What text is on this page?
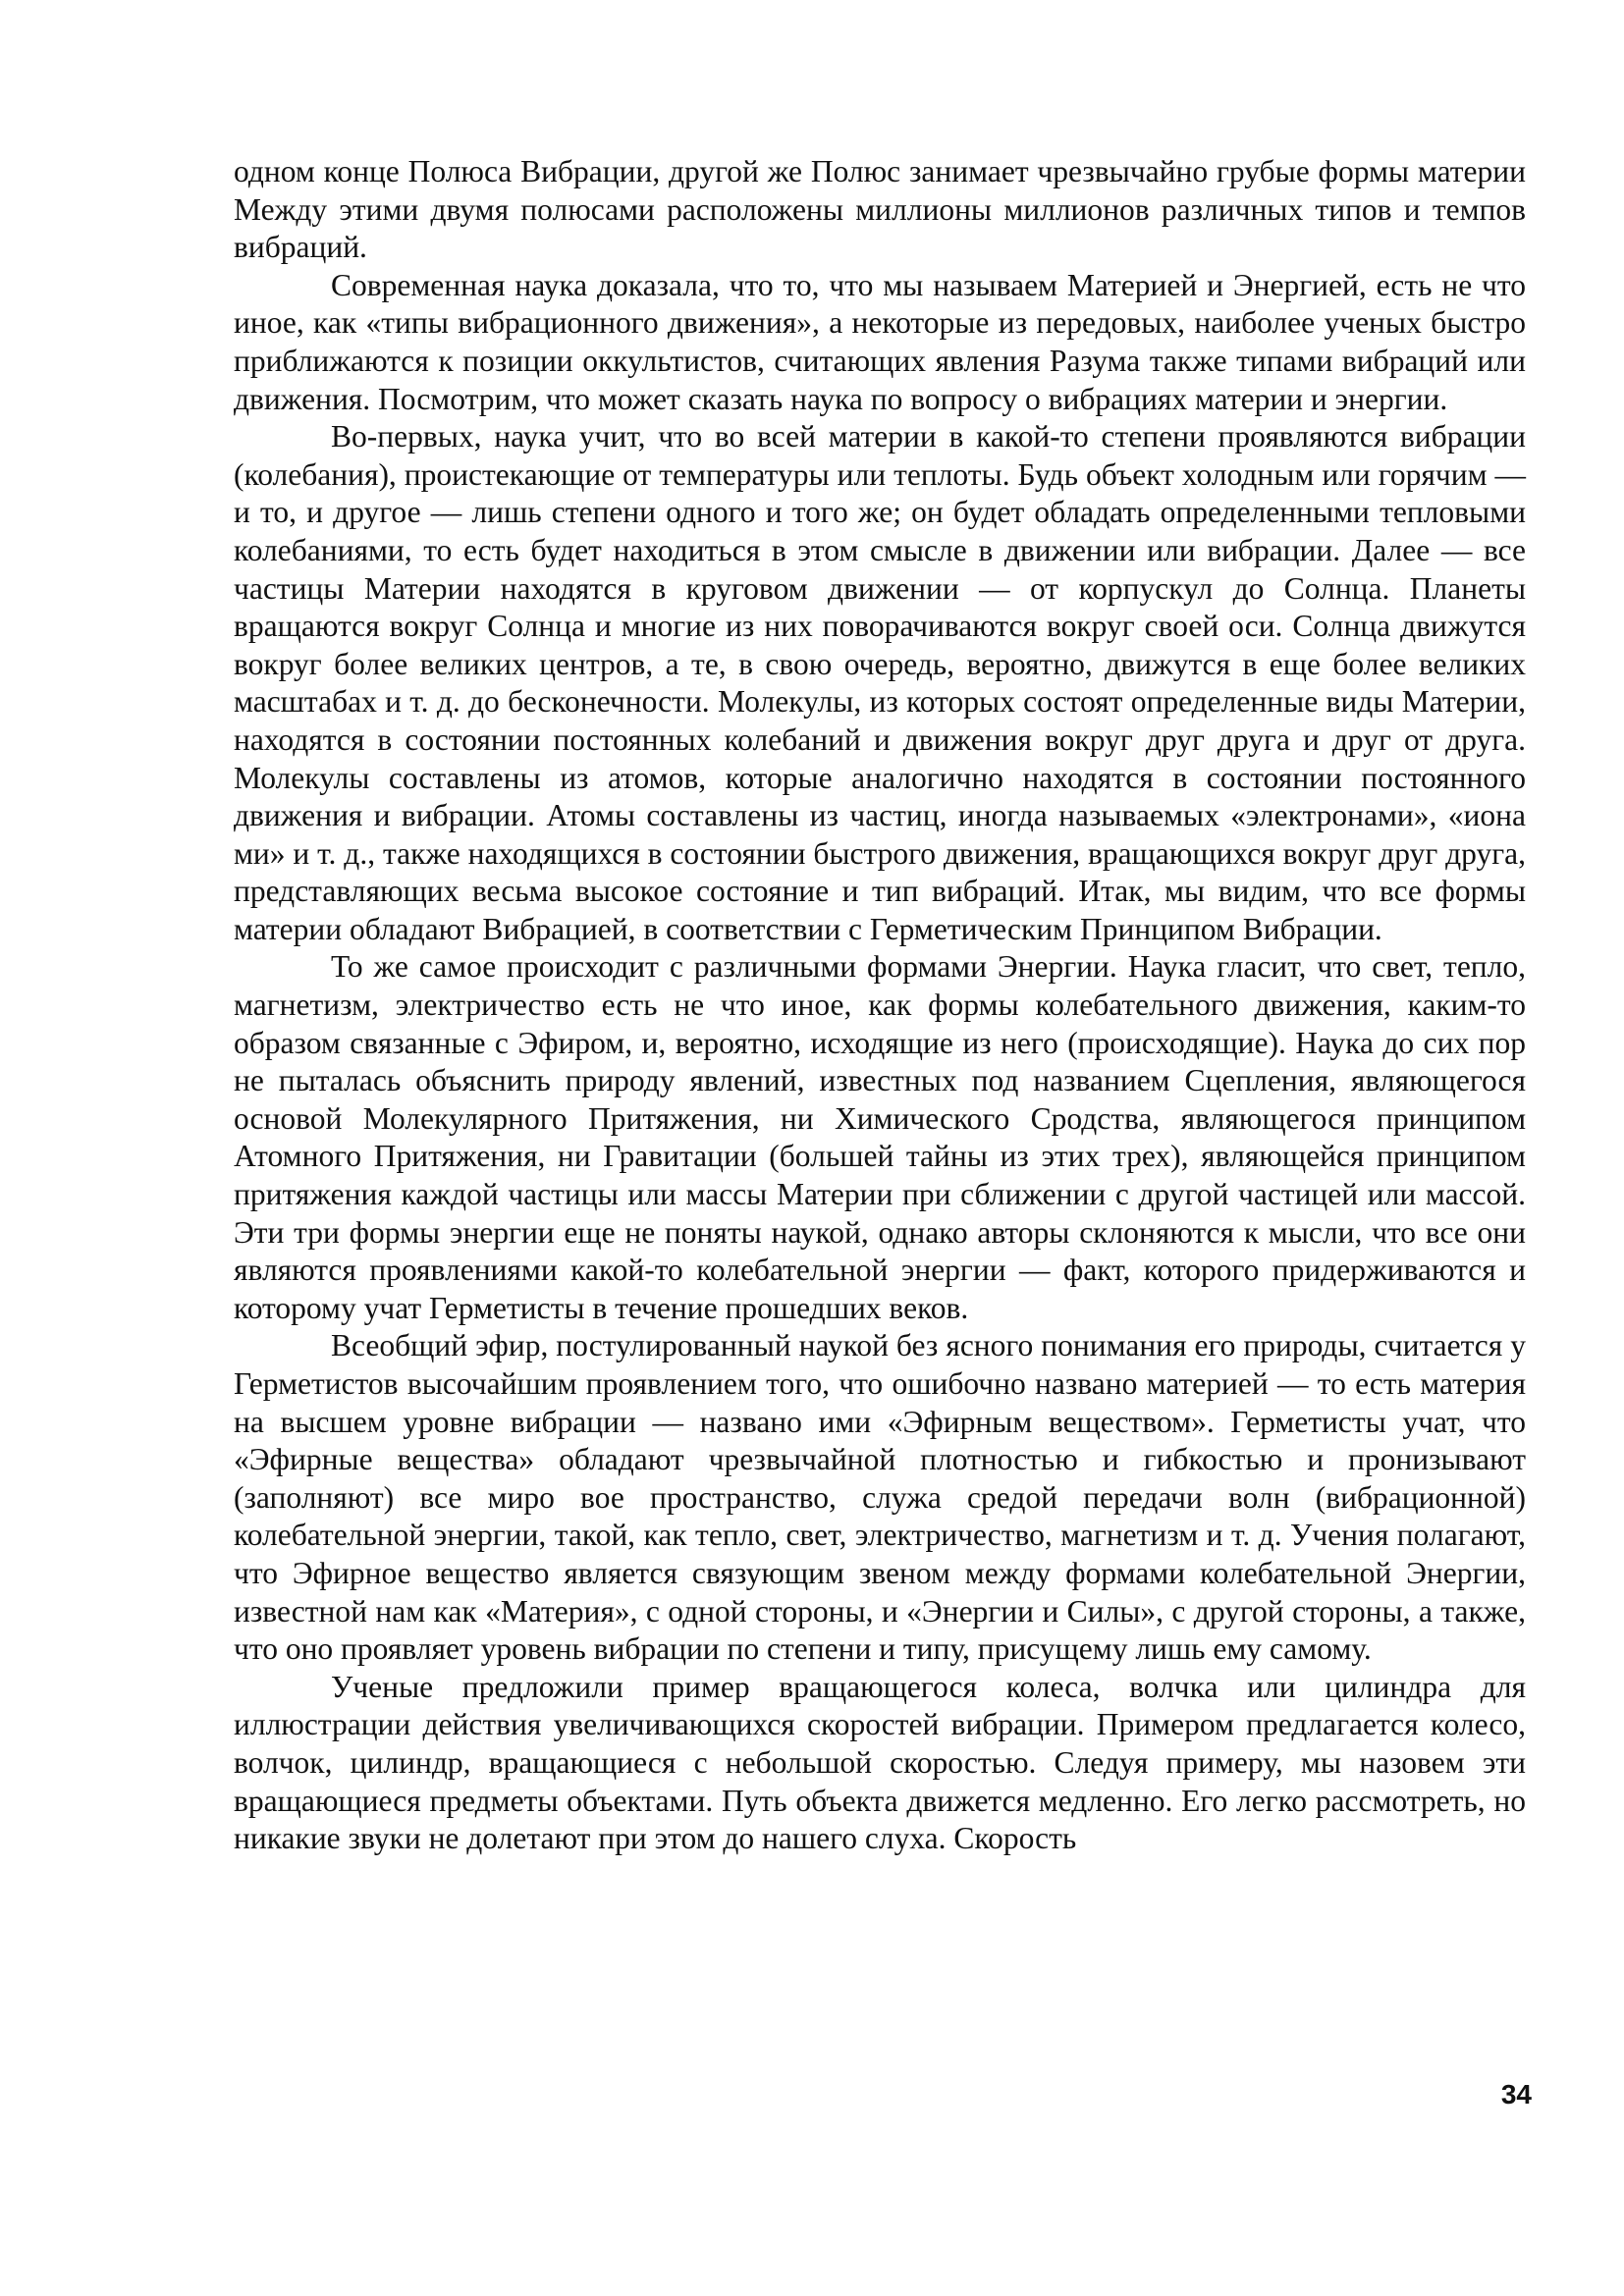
одном конце Полюса Вибрации, другой же Полюс занимает чрезвычайно грубые формы материи Между этими двумя полюсами расположены миллионы миллионов различных типов и темпов вибраций.

Современная наука доказала, что то, что мы называем Материей и Энергией, есть не что иное, как «типы вибрационного движения», а некоторые из передовых, наиболее ученых быстро приближаются к позиции оккультистов, считающих явления Разума также типами вибраций или движения. Посмотрим, что может сказать наука по вопросу о вибрациях материи и энергии.

Во-первых, наука учит, что во всей материи в какой-то степени проявляются вибрации (колебания), проистекающие от температуры или теплоты. Будь объект холодным или горячим — и то, и другое — лишь степени одного и того же; он будет обладать определенными тепловыми колебаниями, то есть будет находиться в этом смысле в движении или вибрации. Далее — все частицы Материи находятся в круговом движении — от корпускул до Солнца. Планеты вращаются вокруг Солнца и многие из них поворачиваются вокруг своей оси. Солнца движутся вокруг более великих центров, а те, в свою очередь, вероятно, движутся в еще более великих масштабах и т. д. до бесконечности. Молекулы, из которых состоят определенные виды Материи, находятся в состоянии постоянных колебаний и движения вокруг друг друга и друг от друга. Молекулы составлены из атомов, которые аналогично находятся в состоянии постоянного движения и вибрации. Атомы составлены из частиц, иногда называемых «электронами», «иона ми» и т. д., также находящихся в состоянии быстрого движения, вращающихся вокруг друг друга, представляющих весьма высокое состояние и тип вибраций. Итак, мы видим, что все формы материи обладают Вибрацией, в соответствии с Герметическим Принципом Вибрации.

То же самое происходит с различными формами Энергии. Наука гласит, что свет, тепло, магнетизм, электричество есть не что иное, как формы колебательного движения, каким-то образом связанные с Эфиром, и, вероятно, исходящие из него (происходящие). Наука до сих пор не пыталась объяснить природу явлений, известных под названием Сцепления, являющегося основой Молекулярного Притяжения, ни Химического Сродства, являющегося принципом Атомного Притяжения, ни Гравитации (большей тайны из этих трех), являющейся принципом притяжения каждой частицы или массы Материи при сближении с другой частицей или массой. Эти три формы энергии еще не поняты наукой, однако авторы склоняются к мысли, что все они являются проявлениями какой-то колебательной энергии — факт, которого придерживаются и которому учат Герметисты в течение прошедших веков.

Всеобщий эфир, постулированный наукой без ясного понимания его природы, считается у Герметистов высочайшим проявлением того, что ошибочно названо материей — то есть материя на высшем уровне вибрации — названо ими «Эфирным веществом». Герметисты учат, что «Эфирные вещества» обладают чрезвычайной плотностью и гибкостью и пронизывают (заполняют) все миро вое пространство, служа средой передачи волн (вибрационной) колебательной энергии, такой, как тепло, свет, электричество, магнетизм и т. д. Учения полагают, что Эфирное вещество является связующим звеном между формами колебательной Энергии, известной нам как «Материя», с одной стороны, и «Энергии и Силы», с другой стороны, а также, что оно проявляет уровень вибрации по степени и типу, присущему лишь ему самому.

Ученые предложили пример вращающегося колеса, волчка или цилиндра для иллюстрации действия увеличивающихся скоростей вибрации. Примером предлагается колесо, волчок, цилиндр, вращающиеся с небольшой скоростью. Следуя примеру, мы назовем эти вращающиеся предметы объектами. Путь объекта движется медленно. Его легко рассмотреть, но никакие звуки не долетают при этом до нашего слуха. Скорость

34
